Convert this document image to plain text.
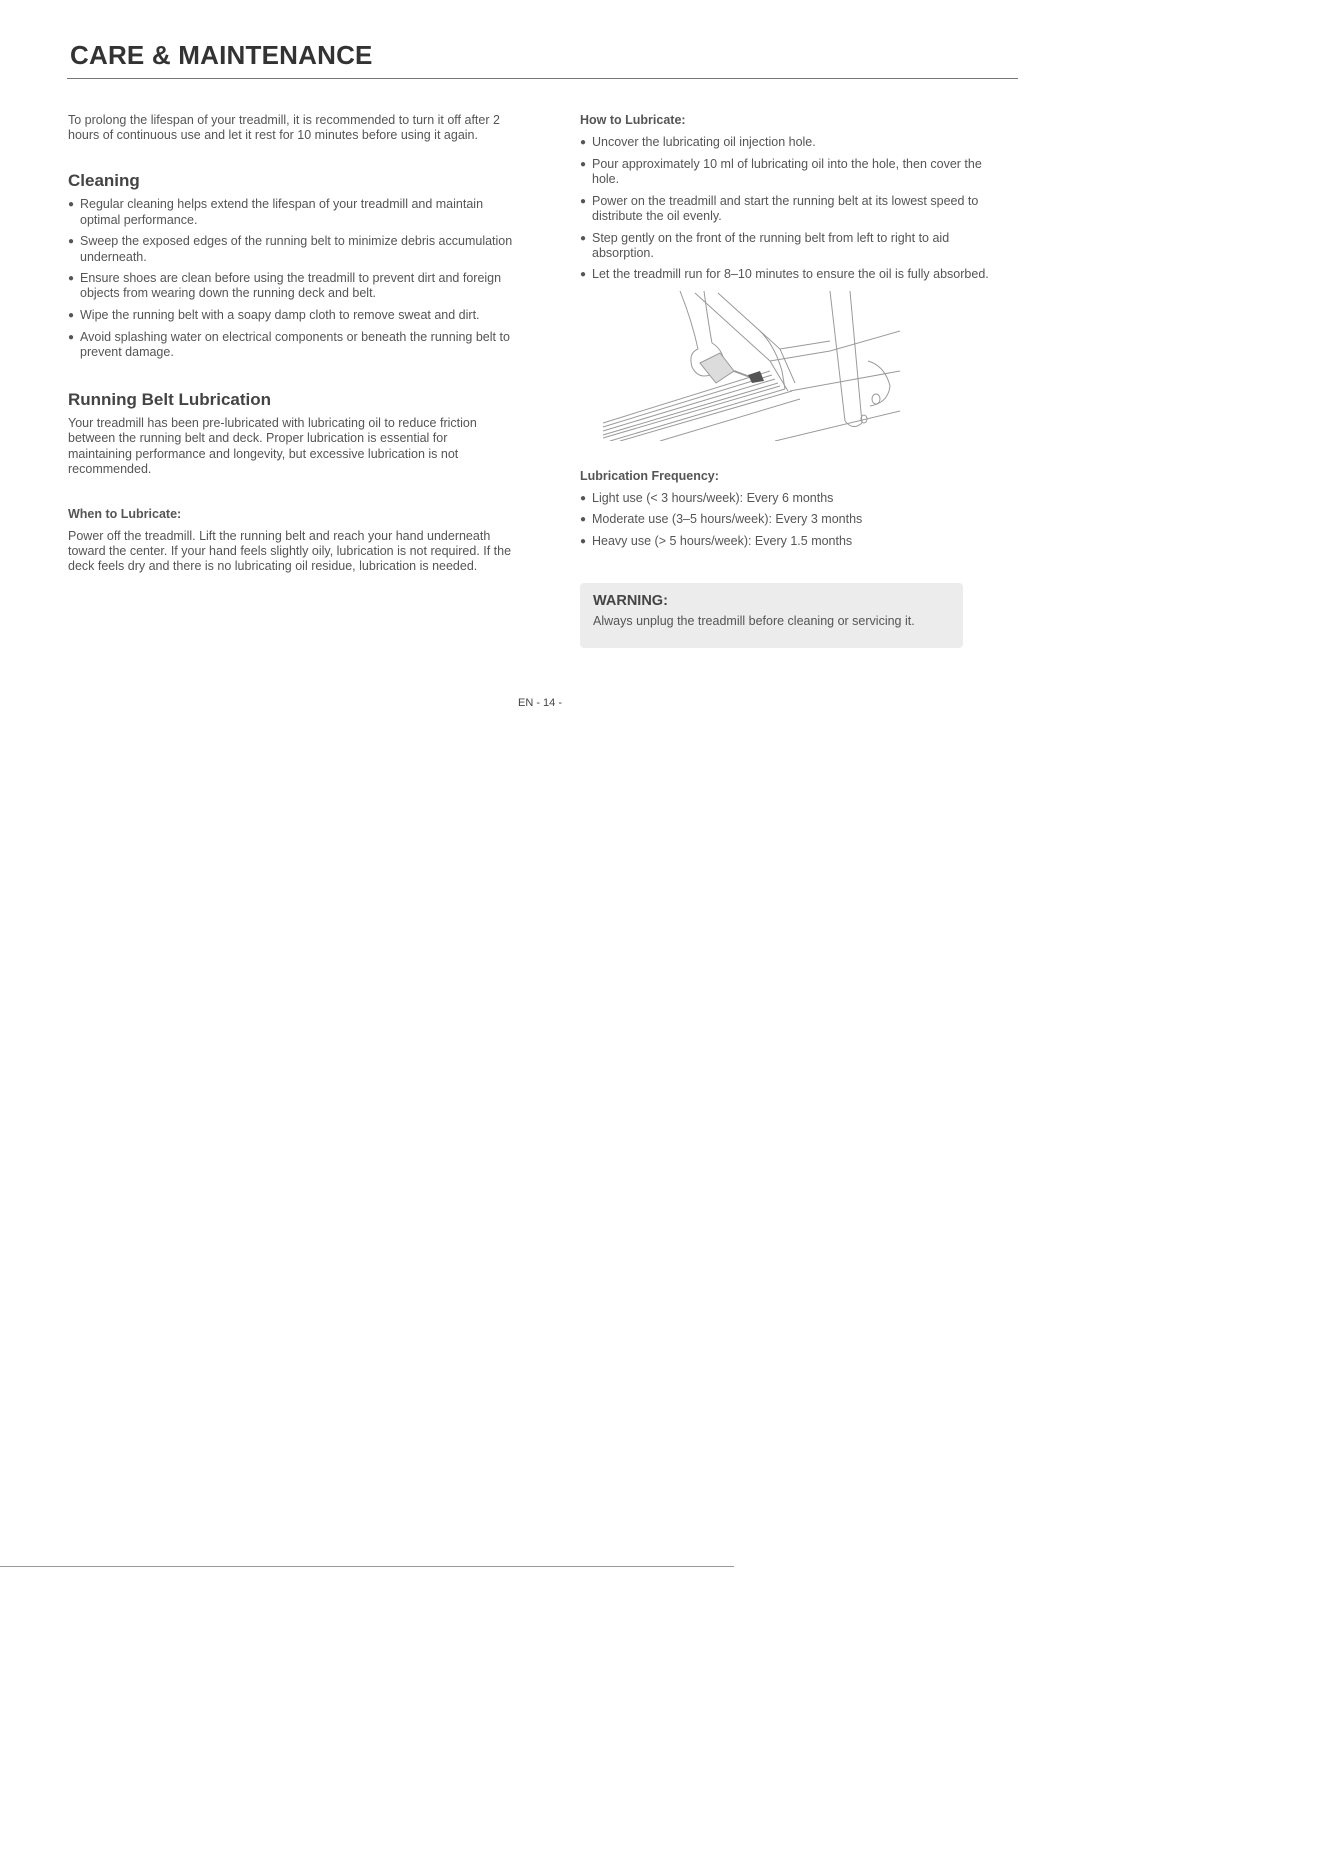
CARE & MAINTENANCE

To prolong the lifespan of your treadmill, it is recommended to turn it off after 2 hours of continuous use and let it rest for 10 minutes before using it again.

Cleaning
● Regular cleaning helps extend the lifespan of your treadmill and maintain optimal performance.
● Sweep the exposed edges of the running belt to minimize debris accumulation underneath.
● Ensure shoes are clean before using the treadmill to prevent dirt and foreign objects from wearing down the running deck and belt.
● Wipe the running belt with a soapy damp cloth to remove sweat and dirt.
● Avoid splashing water on electrical components or beneath the running belt to prevent damage.
Running Belt Lubrication

Your treadmill has been pre-lubricated with lubricating oil to reduce friction between the running belt and deck. Proper lubrication is essential for maintaining performance and longevity, but excessive lubrication is not recommended.

When to Lubricate:

Power off the treadmill. Lift the running belt and reach your hand underneath toward the center. If your hand feels slightly oily, lubrication is not required. If the deck feels dry and there is no lubricating oil residue, lubrication is needed.

How to Lubricate:
● Uncover the lubricating oil injection hole.
● Pour approximately 10 ml of lubricating oil into the hole, then cover the hole.
● Power on the treadmill and start the running belt at its lowest speed to distribute the oil evenly.
● Step gently on the front of the running belt from left to right to aid absorption.
● Let the treadmill run for 8–10 minutes to ensure the oil is fully absorbed.
Lubrication Frequency:
● Light use (< 3 hours/week): Every 6 months
● Moderate use (3–5 hours/week): Every 3 months
● Heavy use (> 5 hours/week): Every 1.5 months

WARNING:

Always unplug the treadmill before cleaning or servicing it.

EN - 14 -
